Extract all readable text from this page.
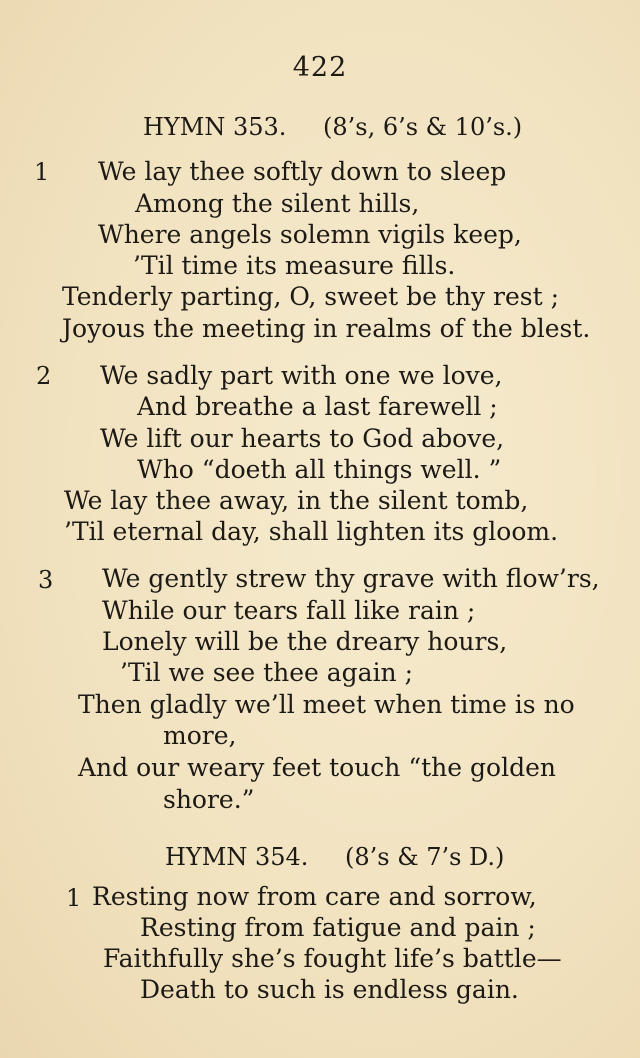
422
HYMN 353. (8’s, 6’s & 10’s.)
1 We lay thee softly down to sleep
Among the silent hills,
Where angels solemn vigils keep,
’Til time its measure fills.
Tenderly parting, O, sweet be thy rest ;
Joyous the meeting in realms of the blest.
2 We sadly part with one we love,
And breathe a last farewell ;
We lift our hearts to God above,
Who “doeth all things well. ”
We lay thee away, in the silent tomb,
’Til eternal day, shall lighten its gloom.
3 We gently strew thy grave with flow’rs,
While our tears fall like rain ;
Lonely will be the dreary hours,
’Til we see thee again ;
Then gladly we’ll meet when time is no
more,
And our weary feet touch “the golden
shore.”
HYMN 354. (8’s & 7’s D.)
1 Resting now from care and sorrow,
Resting from fatigue and pain ;
Faithfully she’s fought life’s battle—
Death to such is endless gain.
